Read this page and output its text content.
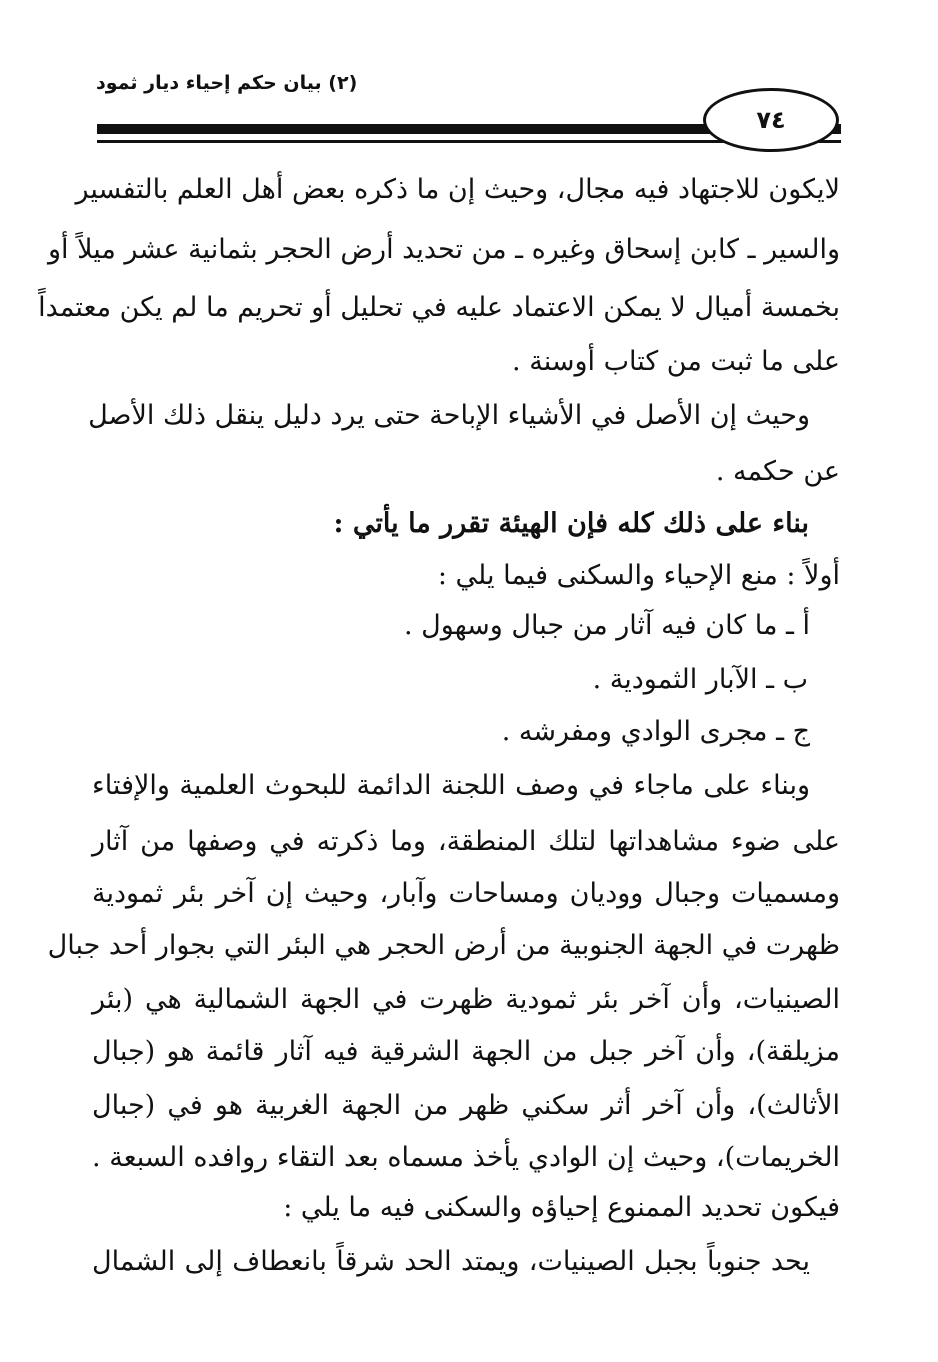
(٢) بيان حكم إحياء ديار ثمود
٧٤
لايكون للاجتهاد فيه مجال، وحيث إن ما ذكره بعض أهل العلم بالتفسير
والسير ـ كابن إسحاق وغيره ـ من تحديد أرض الحجر بثمانية عشر ميلاً أو
بخمسة أميال لا يمكن الاعتماد عليه في تحليل أو تحريم ما لم يكن معتمداً
على ما ثبت من كتاب أوسنة .
وحيث إن الأصل في الأشياء الإباحة حتى يرد دليل ينقل ذلك الأصل
عن حكمه .
بناء على ذلك كله فإن الهيئة تقرر ما يأتي :
أولاً : منع الإحياء والسكنى فيما يلي :
أ ـ ما كان فيه آثار من جبال وسهول .
ب ـ الآبار الثمودية .
ج ـ مجرى الوادي ومفرشه .
وبناء على ماجاء في وصف اللجنة الدائمة للبحوث العلمية والإفتاء
على ضوء مشاهداتها لتلك المنطقة، وما ذكرته في وصفها من آثار
ومسميات وجبال ووديان ومساحات وآبار، وحيث إن آخر بئر ثمودية
ظهرت في الجهة الجنوبية من أرض الحجر هي البئر التي بجوار أحد جبال
الصينيات، وأن آخر بئر ثمودية ظهرت في الجهة الشمالية هي (بئر
مزيلقة)، وأن آخر جبل من الجهة الشرقية فيه آثار قائمة هو (جبال
الأثالث)، وأن آخر أثر سكني ظهر من الجهة الغربية هو في (جبال
الخريمات)، وحيث إن الوادي يأخذ مسماه بعد التقاء روافده السبعة .
فيكون تحديد الممنوع إحياؤه والسكنى فيه ما يلي :
يحد جنوباً بجبل الصينيات، ويمتد الحد شرقاً بانعطاف إلى الشمال
